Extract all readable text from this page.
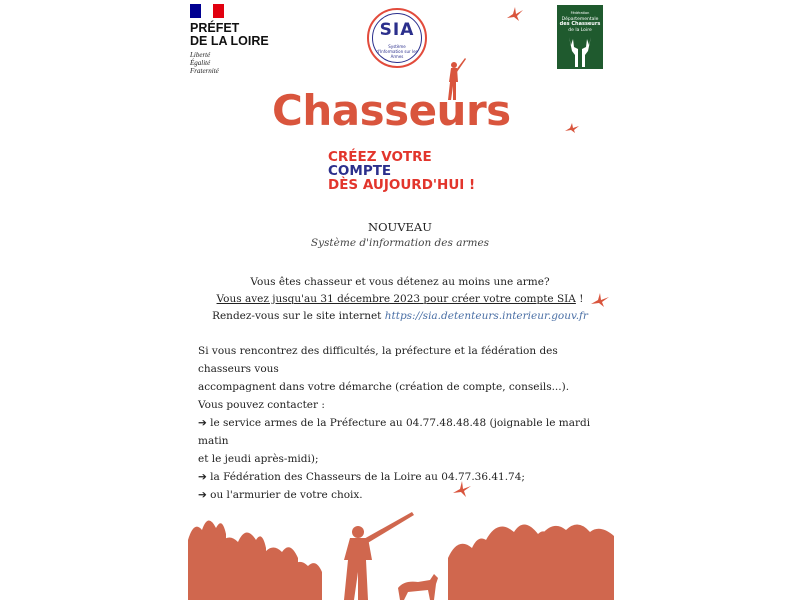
PRÉFET
DE LA LOIRE
Liberté
Égalité
Fraternité
SIA
Système d'Information sur les Armes
Fédération
Départementale
des Chasseurs
de la Loire
Chasseurs
CRÉEZ VOTRE
COMPTE
DÈS AUJOURD'HUI !
NOUVEAU
Système d'information des armes
Vous êtes chasseur et vous détenez au moins une arme?
Vous avez jusqu'au 31 décembre 2023 pour créer votre compte SIA !
Rendez-vous sur le site internet https://sia.detenteurs.interieur.gouv.fr

Si vous rencontrez des difficultés, la préfecture et la fédération des chasseurs vous

accompagnent dans votre démarche (création de compte, conseils...).

Vous pouvez contacter :

➔ le service armes de la Préfecture au 04.77.48.48.48 (joignable le mardi matin

et le jeudi après-midi);

➔ la Fédération des Chasseurs de la Loire au 04.77.36.41.74;

➔ ou l'armurier de votre choix.
